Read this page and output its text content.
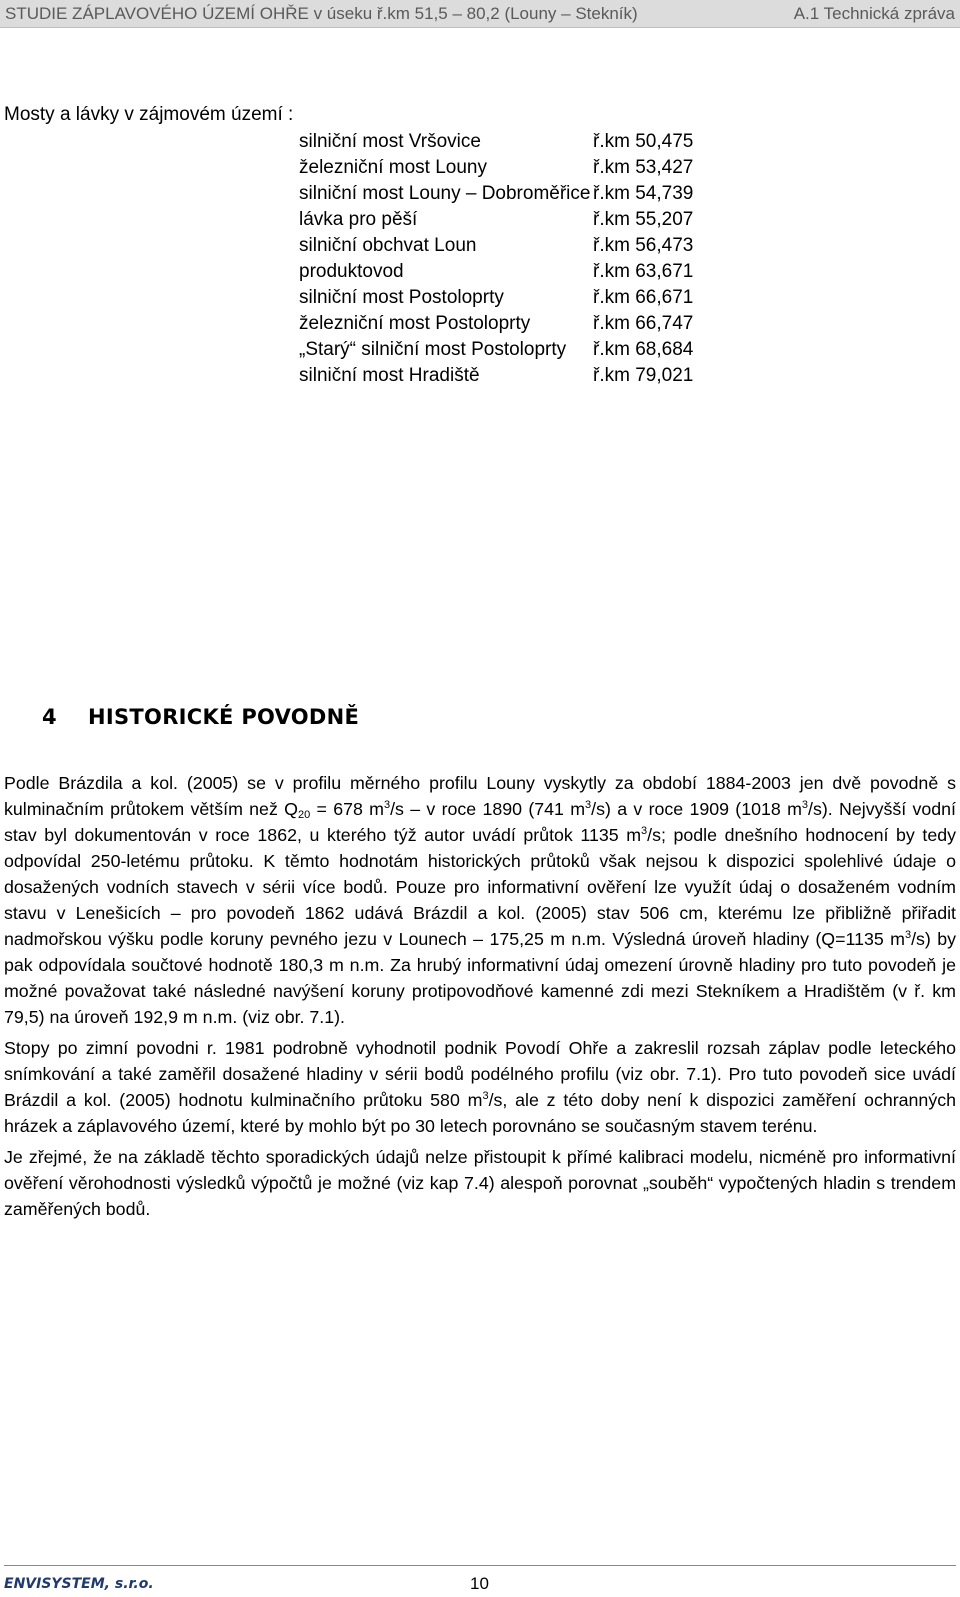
STUDIE ZÁPLAVOVÉHO ÚZEMÍ OHŘE v úseku ř.km 51,5 – 80,2 (Louny – Stekník)	A.1 Technická zpráva
Mosty a lávky v zájmovém území :
silniční most Vršovice	ř.km 50,475
železniční most Louny	ř.km 53,427
silniční most Louny – Dobroměřice ř.km 54,739
lávka pro pěší	ř.km 55,207
silniční obchvat Loun	ř.km 56,473
produktovod	ř.km 63,671
silniční most Postoloprty	ř.km 66,671
železniční most Postoloprty	ř.km 66,747
„Starý“ silniční most Postoloprty ř.km 68,684
silniční most Hradiště	ř.km 79,021
4 HISTORICKÉ POVODNĚ

Podle Brázdila a kol. (2005) se v profilu měrného profilu Louny vyskytly za období 1884-2003 jen dvě povodně s kulminačním průtokem větším než $Q_{20} = 678$ $m^3/s$ – v roce 1890 (741 $m^3/s$) a v roce 1909 (1018 $m^3/s$). Nejvyšší vodní stav byl dokumentován v roce 1862, u kterého týž autor uvádí průtok 1135 $m^3/s$; podle dnešního hodnocení by tedy odpovídal 250-letému průtoku. K těmto hodnotám historických průtoků však nejsou k dispozici spolehlivé údaje o dosažených vodních stavech v sérii více bodů. Pouze pro informativní ověření lze využít údaj o dosaženém vodním stavu v Lenešicích – pro povodeň 1862 udává Brázdil a kol. (2005) stav 506 cm, kterému lze přibližně přiřadit nadmořskou výšku podle koruny pevného jezu v Lounech – 175,25 m n.m. Výsledná úroveň hladiny (Q=1135 $m^3/s$) by pak odpovídala součtové hodnotě 180,3 m n.m. Za hrubý informativní údaj omezení úrovně hladiny pro tuto povodeň je možné považovat také následné navýšení koruny protipovodňové kamenné zdi mezi Stekníkem a Hradištěm (v ř. km 79,5) na úroveň 192,9 m n.m. (viz obr. 7.1).

Stopy po zimní povodni r. 1981 podrobně vyhodnotil podnik Povodí Ohře a zakreslil rozsah záplav podle leteckého snímkování a také zaměřil dosažené hladiny v sérii bodů podélného profilu (viz obr. 7.1). Pro tuto povodeň sice uvádí Brázdil a kol. (2005) hodnotu kulminačního průtoku 580 $m^3/s$, ale z této doby není k dispozici zaměření ochranných hrázek a záplavového území, které by mohlo být po 30 letech porovnáno se současným stavem terénu.

Je zřejmé, že na základě těchto sporadických údajů nelze přistoupit k přímé kalibraci modelu, nicméně pro informativní ověření věrohodnosti výsledků výpočtů je možné (viz kap 7.4) alespoň porovnat „souběh“ vypočtených hladin s trendem zaměřených bodů.

ENVISYSTEM, s.r.o.	10
